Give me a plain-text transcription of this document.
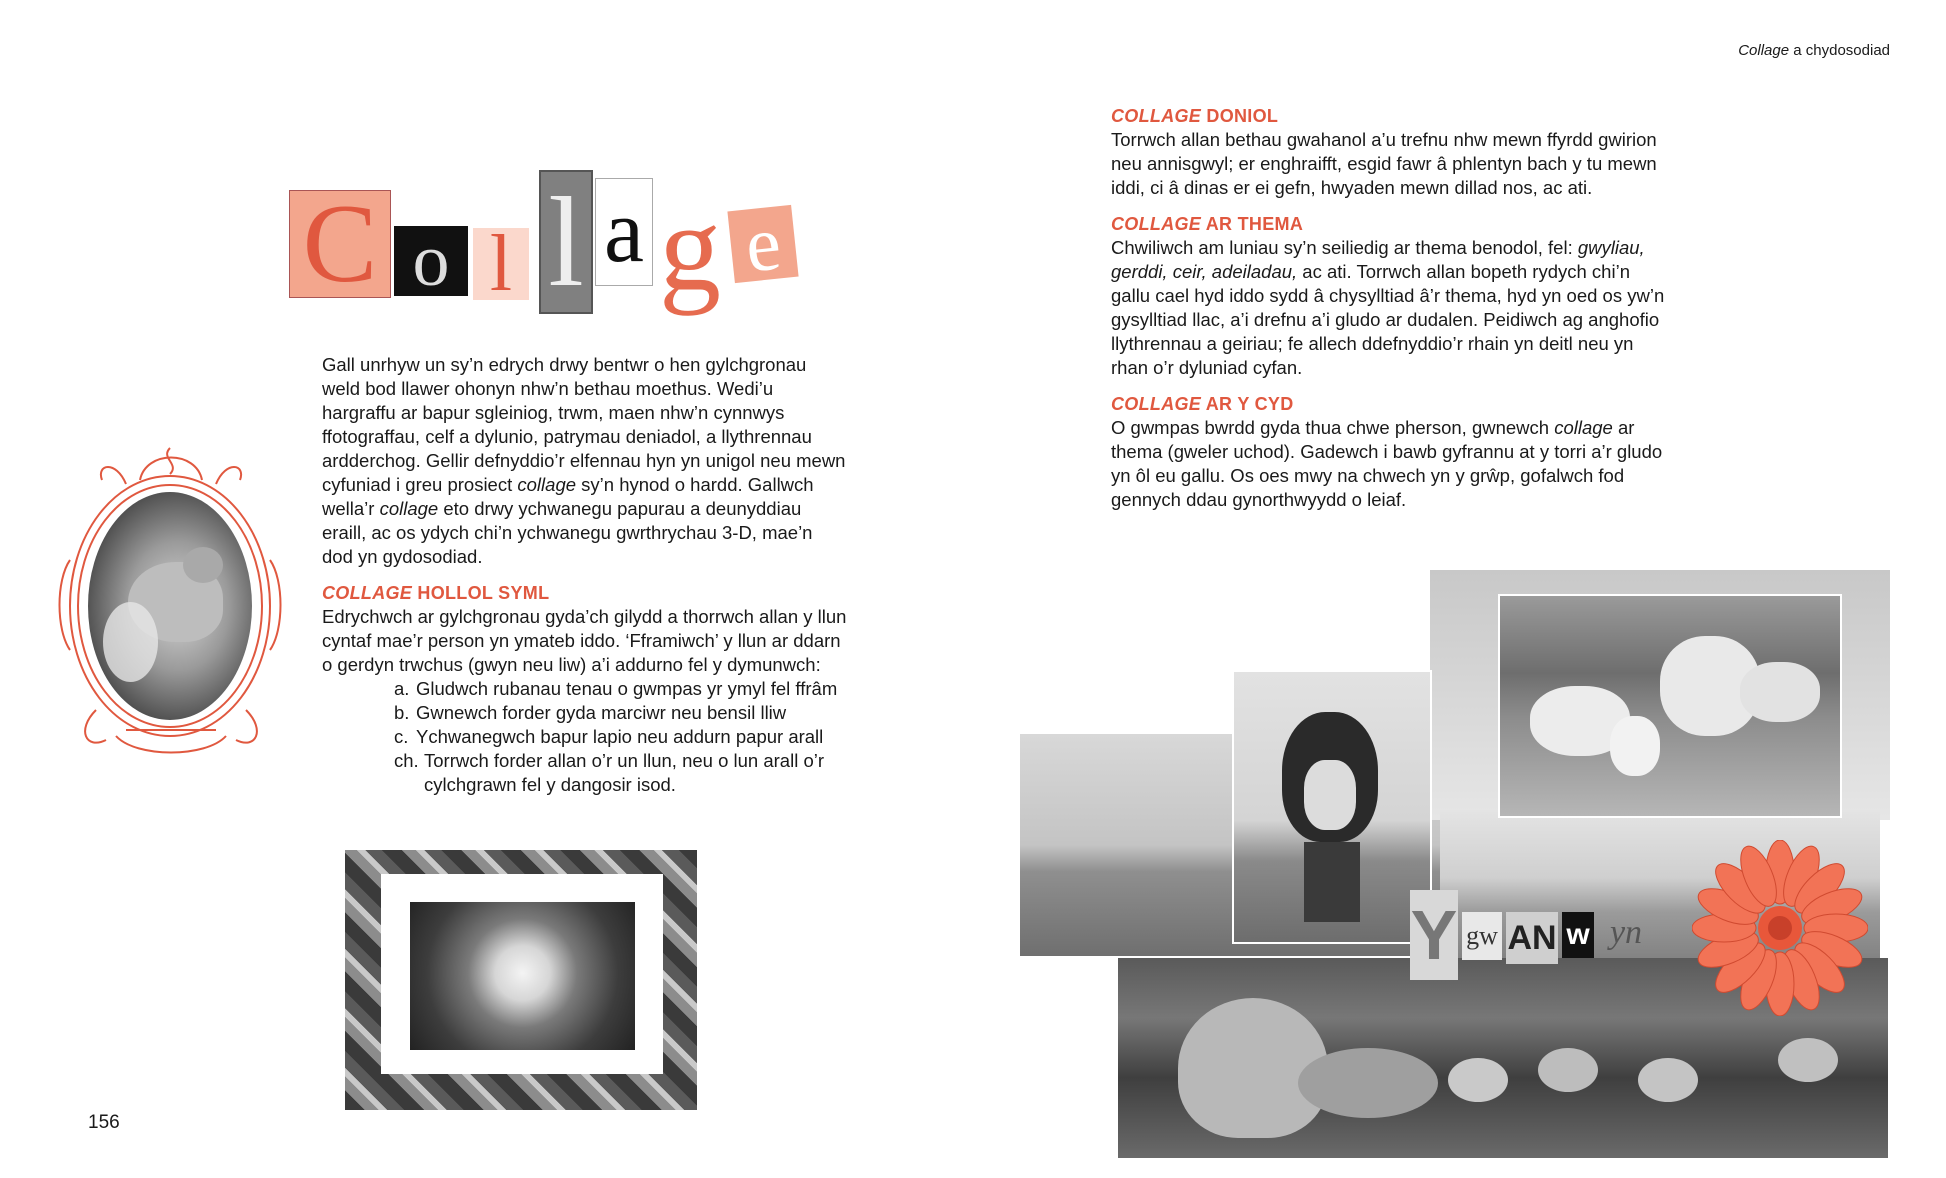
Collage a chydosodiad
C o l l a g e

Gall unrhyw un sy’n edrych drwy bentwr o hen gylchgronau weld bod llawer ohonyn nhw’n bethau moethus. Wedi’u hargraffu ar bapur sgleiniog, trwm, maen nhw’n cynnwys ffotograffau, celf a dylunio, patrymau deniadol, a llythrennau ardderchog. Gellir defnyddio’r elfennau hyn yn unigol neu mewn cyfuniad i greu prosiect collage sy’n hynod o hardd. Gallwch wella’r collage eto drwy ychwanegu papurau a deunyddiau eraill, ac os ydych chi’n ychwanegu gwrthrychau 3-D, mae’n dod yn gydosodiad.

COLLAGE HOLLOL SYML

Edrychwch ar gylchgronau gyda’ch gilydd a thorrwch allan y llun cyntaf mae’r person yn ymateb iddo. ‘Fframiwch’ y llun ar ddarn o gerdyn trwchus (gwyn neu liw) a’i addurno fel y dymunwch:

a. Gludwch rubanau tenau o gwmpas yr ymyl fel ffrâm
b. Gwnewch forder gyda marciwr neu bensil lliw
c. Ychwanegwch bapur lapio neu addurn papur arall
ch. Torrwch forder allan o’r un llun, neu o lun arall o’r cylchgrawn fel y dangosir isod.
COLLAGE DONIOL

Torrwch allan bethau gwahanol a’u trefnu nhw mewn ffyrdd gwirion neu annisgwyl; er enghraifft, esgid fawr â phlentyn bach y tu mewn iddi, ci â dinas er ei gefn, hwyaden mewn dillad nos, ac ati.

COLLAGE AR THEMA

Chwiliwch am luniau sy’n seiliedig ar thema benodol, fel: gwyliau, gerddi, ceir, adeiladau, ac ati. Torrwch allan bopeth rydych chi’n gallu cael hyd iddo sydd â chysylltiad â’r thema, hyd yn oed os yw’n gysylltiad llac, a’i drefnu a’i gludo ar dudalen. Peidiwch ag anghofio llythrennau a geiriau; fe allech ddefnyddio’r rhain yn deitl neu yn rhan o’r dyluniad cyfan.

COLLAGE AR Y CYD

O gwmpas bwrdd gyda thua chwe pherson, gwnewch collage ar thema (gweler uchod). Gadewch i bawb gyfrannu at y torri a’r gludo yn ôl eu gallu. Os oes mwy na chwech yn y grŵp, gofalwch fod gennych ddau gynorthwyydd o leiaf.

Y gw AN w yn
156
